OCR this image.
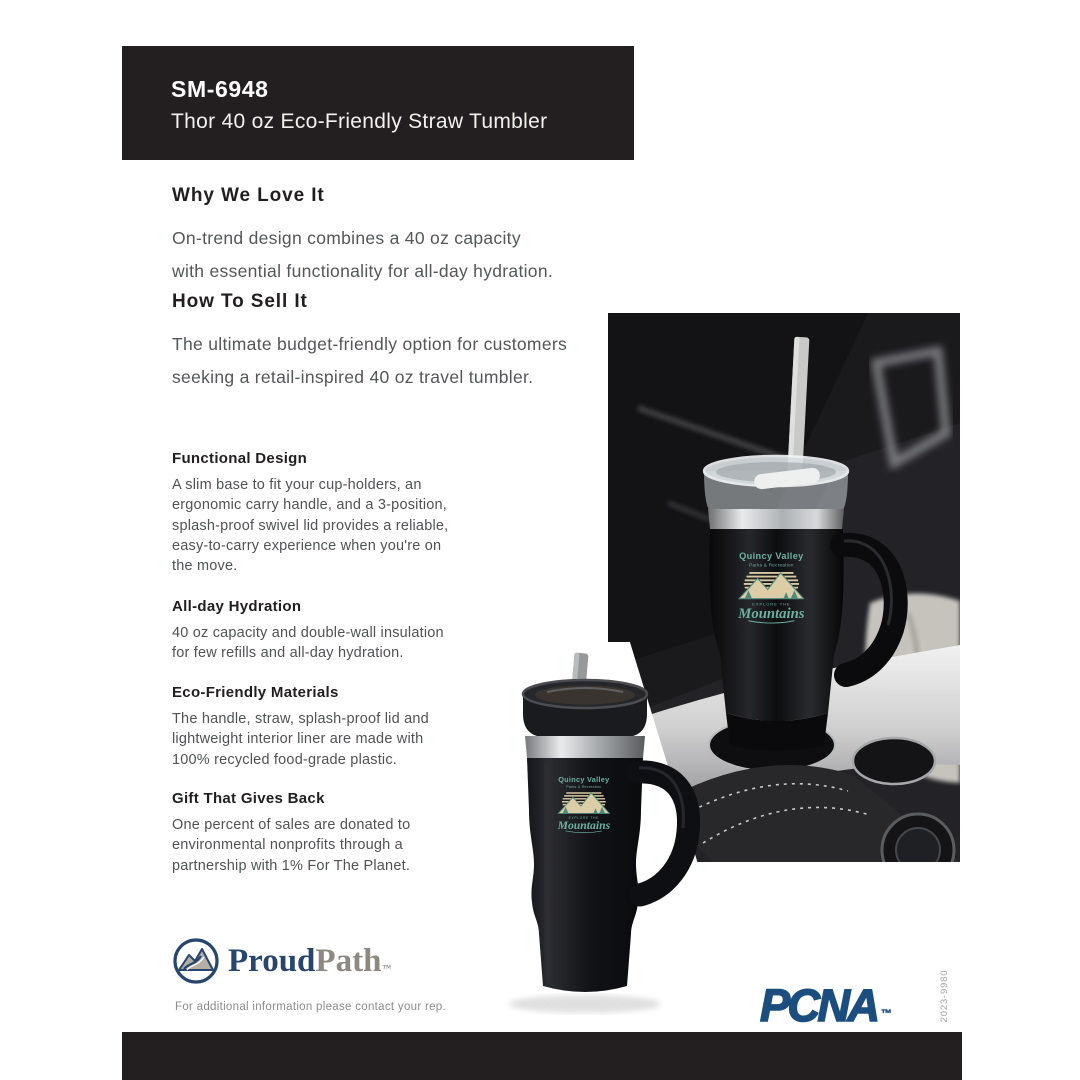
SM-6948
Thor 40 oz Eco-Friendly Straw Tumbler
Why We Love It
On-trend design combines a 40 oz capacity
with essential functionality for all-day hydration.
How To Sell It
The ultimate budget-friendly option for customers
seeking a retail-inspired 40 oz travel tumbler.
Functional Design
A slim base to fit your cup-holders, an
ergonomic carry handle, and a 3-position,
splash-proof swivel lid provides a reliable,
easy-to-carry experience when you're on
the move.
All-day Hydration
40 oz capacity and double-wall insulation
for few refills and all-day hydration.
Eco-Friendly Materials
The handle, straw, splash-proof lid and
lightweight interior liner are made with
100% recycled food-grade plastic.
Gift That Gives Back
One percent of sales are donated to
environmental nonprofits through a
partnership with 1% For The Planet.
Quincy Valley
Parks & Recreation
EXPLORE THE
Mountains
Quincy Valley
Parks & Recreation
EXPLORE THE
Mountains
ProudPath™
For additional information please contact your rep.	PCNA ™	2023-9980
